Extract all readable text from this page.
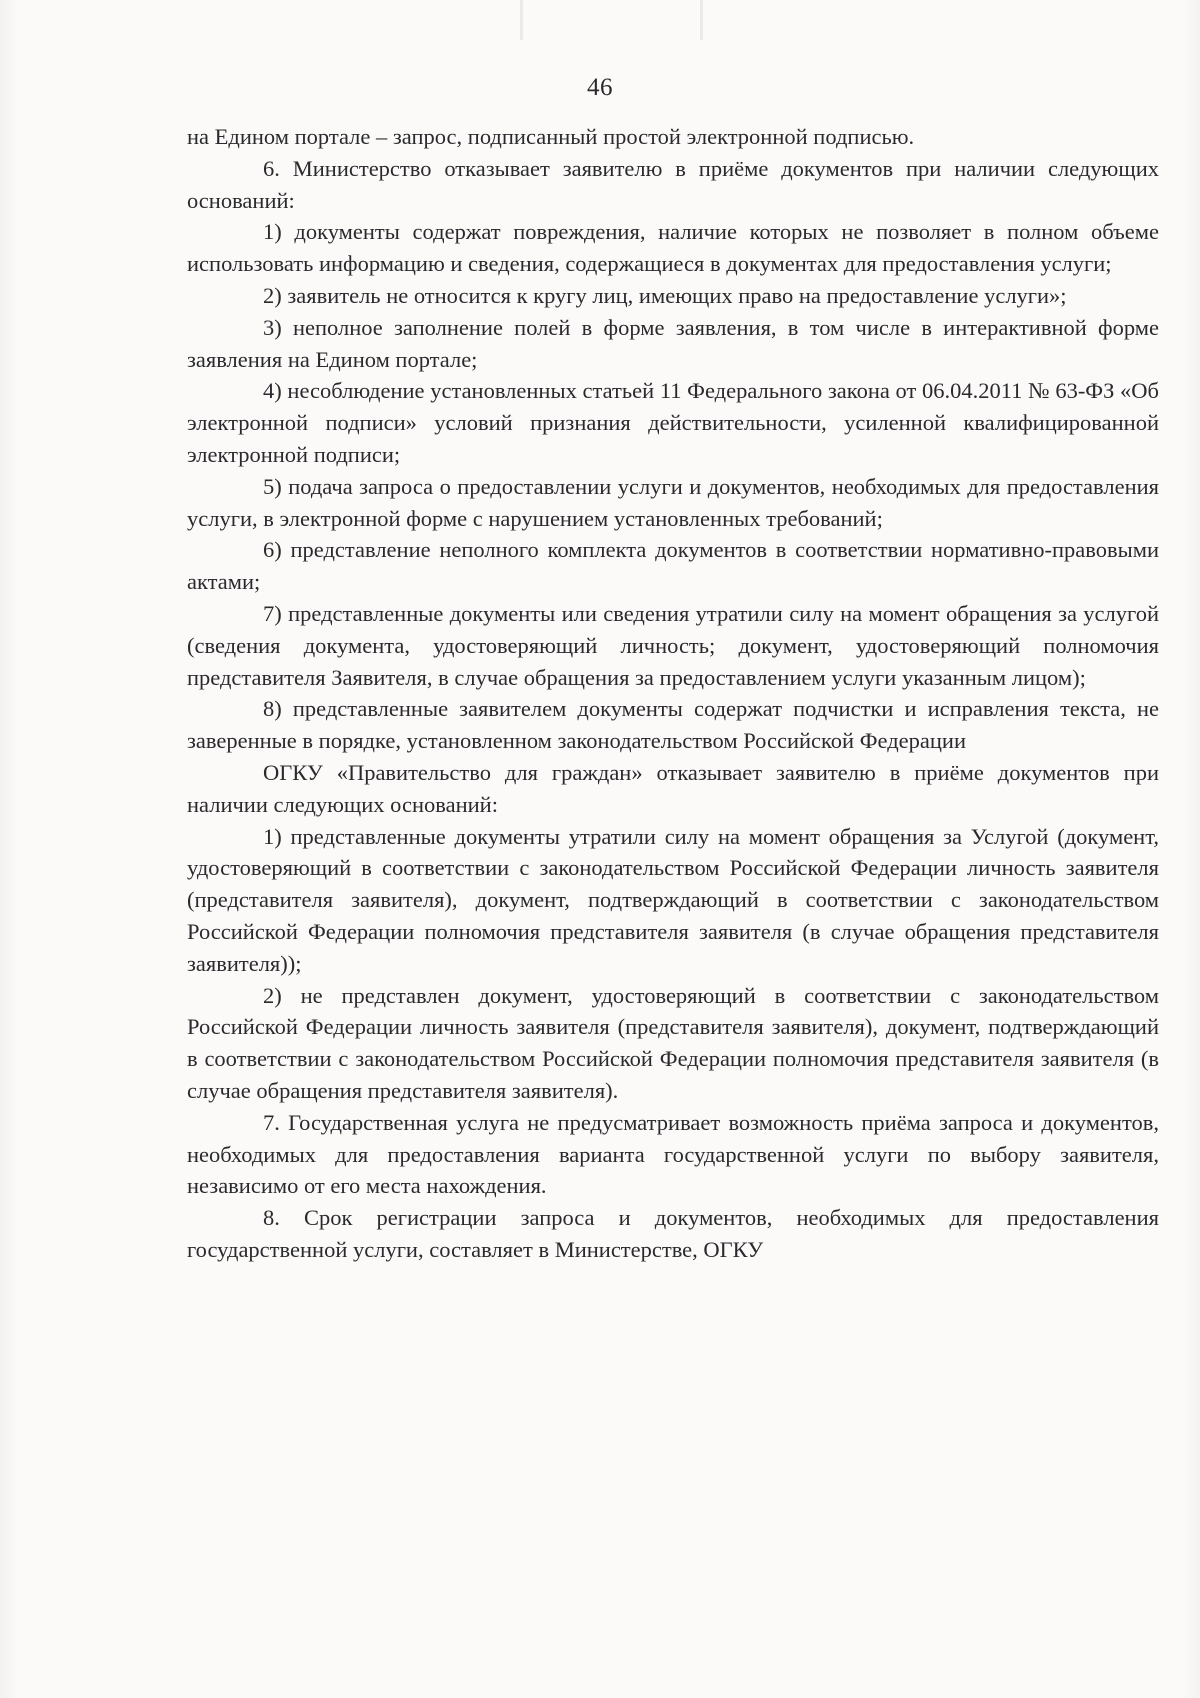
46

на Едином портале – запрос, подписанный простой электронной подписью.

6. Министерство отказывает заявителю в приёме документов при наличии следующих оснований:

1) документы содержат повреждения, наличие которых не позволяет в полном объеме использовать информацию и сведения, содержащиеся в документах для предоставления услуги;

2) заявитель не относится к кругу лиц, имеющих право на предоставление услуги»;

3) неполное заполнение полей в форме заявления, в том числе в интерактивной форме заявления на Едином портале;

4) несоблюдение установленных статьей 11 Федерального закона от 06.04.2011 № 63-ФЗ «Об электронной подписи» условий признания действительности, усиленной квалифицированной электронной подписи;

5) подача запроса о предоставлении услуги и документов, необходимых для предоставления услуги, в электронной форме с нарушением установленных требований;

6) представление неполного комплекта документов в соответствии нормативно-правовыми актами;

7) представленные документы или сведения утратили силу на момент обращения за услугой (сведения документа, удостоверяющий личность; документ, удостоверяющий полномочия представителя Заявителя, в случае обращения за предоставлением услуги указанным лицом);

8) представленные заявителем документы содержат подчистки и исправления текста, не заверенные в порядке, установленном законодательством Российской Федерации

ОГКУ «Правительство для граждан» отказывает заявителю в приёме документов при наличии следующих оснований:

1) представленные документы утратили силу на момент обращения за Услугой (документ, удостоверяющий в соответствии с законодательством Российской Федерации личность заявителя (представителя заявителя), документ, подтверждающий в соответствии с законодательством Российской Федерации полномочия представителя заявителя (в случае обращения представителя заявителя));

2) не представлен документ, удостоверяющий в соответствии с законодательством Российской Федерации личность заявителя (представителя заявителя), документ, подтверждающий в соответствии с законодательством Российской Федерации полномочия представителя заявителя (в случае обращения представителя заявителя).

7. Государственная услуга не предусматривает возможность приёма запроса и документов, необходимых для предоставления варианта государственной услуги по выбору заявителя, независимо от его места нахождения.

8. Срок регистрации запроса и документов, необходимых для предоставления государственной услуги, составляет в Министерстве, ОГКУ
